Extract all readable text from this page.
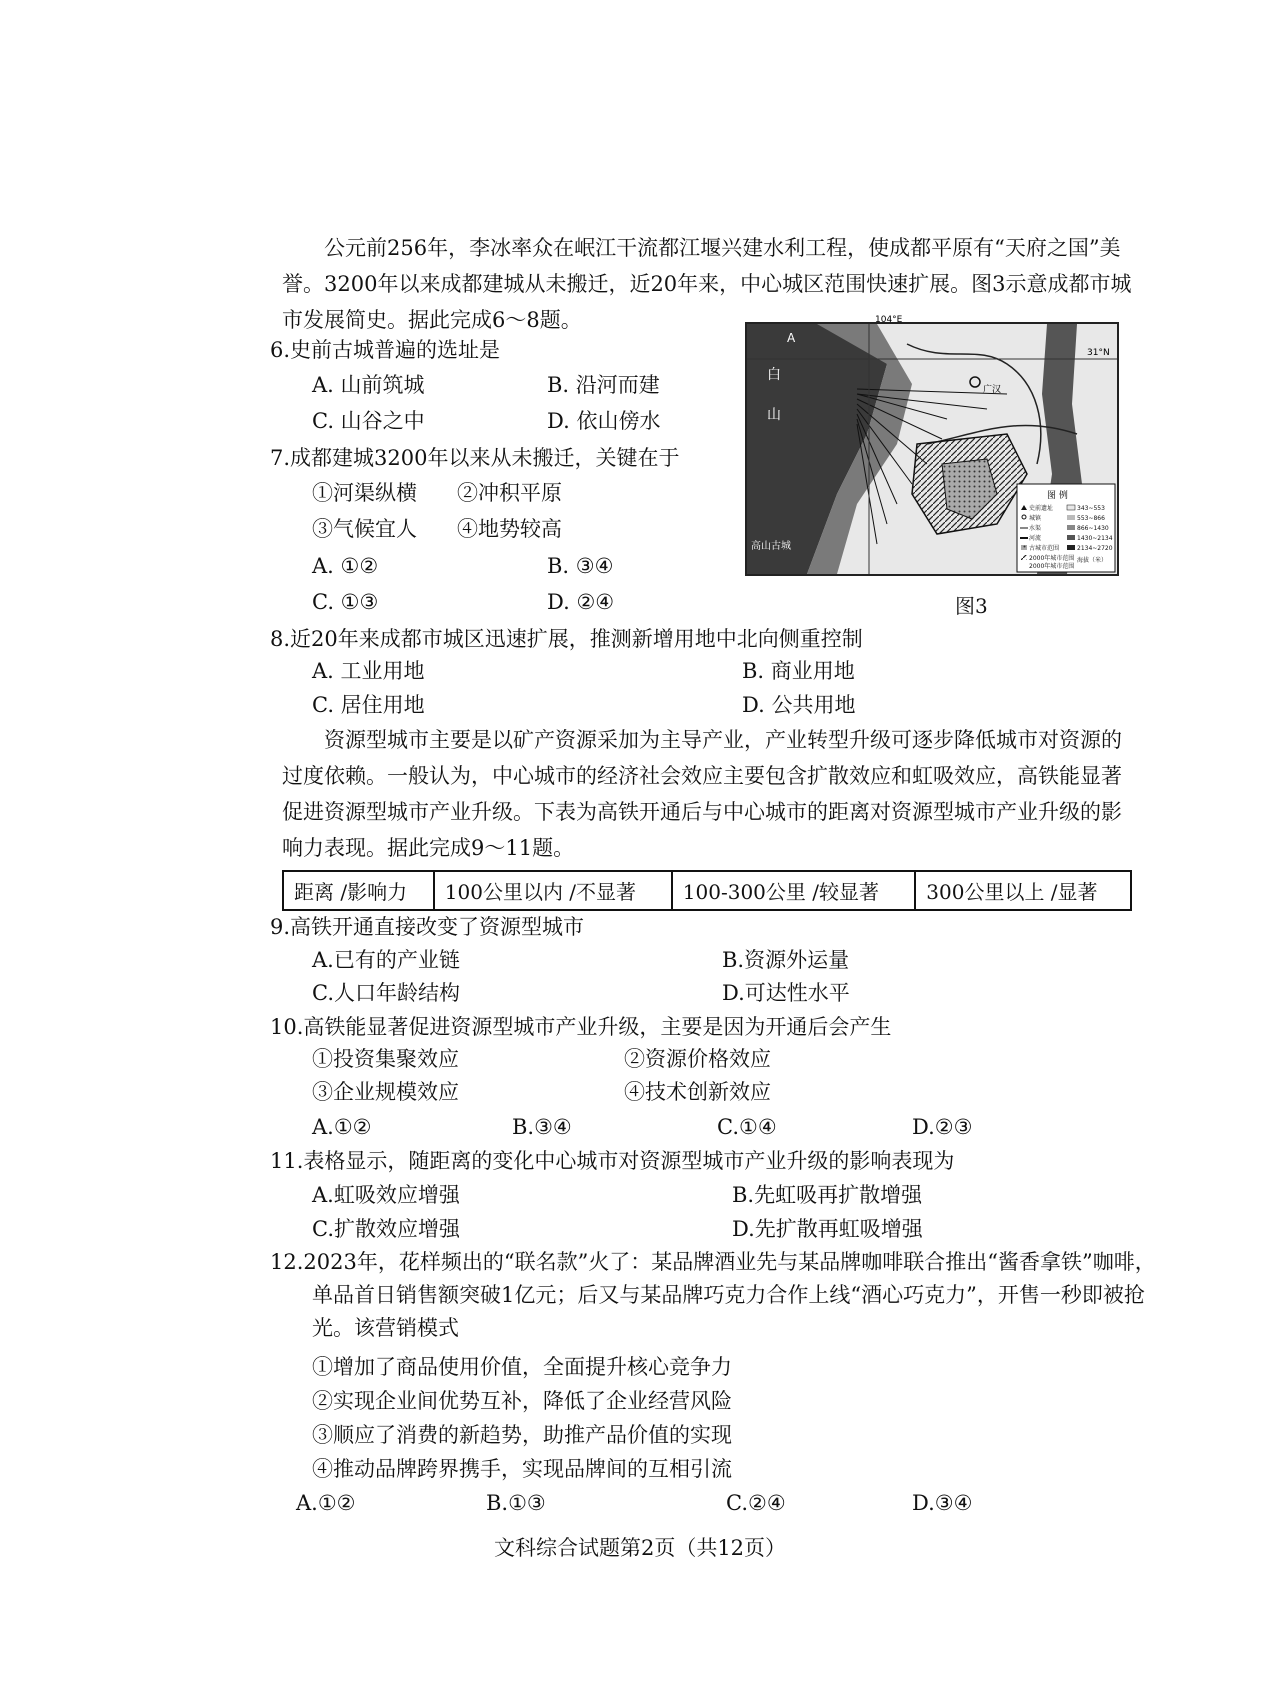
公元前256年，李冰率众在岷江干流都江堰兴建水利工程，使成都平原有“天府之国”美誉。3200年以来成都建城从未搬迁，近20年来，中心城区范围快速扩展。图3示意成都市城市发展简史。据此完成6～8题。
6.史前古城普遍的选址是
A. 山前筑城	B. 沿河而建
C. 山谷之中	D. 依山傍水
7.成都建城3200年以来从未搬迁，关键在于
①河渠纵横 ②冲积平原
③气候宜人 ④地势较高
A. ①②	B. ③④
C. ①③	D. ②④
图 例
史前遗址
城镇
水渠
河流
古城市范围
2000年城市范围
2000年城市范围
343~553
553~866
866~1430
1430~2134
2134~2720
海拔（米）
104°E
31°N
A
白
山
广汉
高山古城
图3
8.近20年来成都市城区迅速扩展，推测新增用地中北向侧重控制
A. 工业用地	B. 商业用地
C. 居住用地	D. 公共用地
资源型城市主要是以矿产资源采加为主导产业，产业转型升级可逐步降低城市对资源的过度依赖。一般认为，中心城市的经济社会效应主要包含扩散效应和虹吸效应，高铁能显著促进资源型城市产业升级。下表为高铁开通后与中心城市的距离对资源型城市产业升级的影响力表现。据此完成9～11题。
距离 /影响力	100公里以内 /不显著	100-300公里 /较显著	300公里以上 /显著
9.高铁开通直接改变了资源型城市
A.已有的产业链	B.资源外运量
C.人口年龄结构	D.可达性水平
10.高铁能显著促进资源型城市产业升级，主要是因为开通后会产生
①投资集聚效应	②资源价格效应
③企业规模效应	④技术创新效应
A.①②	B.③④	C.①④	D.②③
11.表格显示，随距离的变化中心城市对资源型城市产业升级的影响表现为
A.虹吸效应增强	B.先虹吸再扩散增强
C.扩散效应增强	D.先扩散再虹吸增强
12.2023年，花样频出的“联名款”火了：某品牌酒业先与某品牌咖啡联合推出“酱香拿铁”咖啡，单品首日销售额突破1亿元；后又与某品牌巧克力合作上线“酒心巧克力”，开售一秒即被抢光。该营销模式
①增加了商品使用价值，全面提升核心竞争力
②实现企业间优势互补，降低了企业经营风险
③顺应了消费的新趋势，助推产品价值的实现
④推动品牌跨界携手，实现品牌间的互相引流
A.①②	B.①③	C.②④	D.③④
文科综合试题第2页（共12页）
